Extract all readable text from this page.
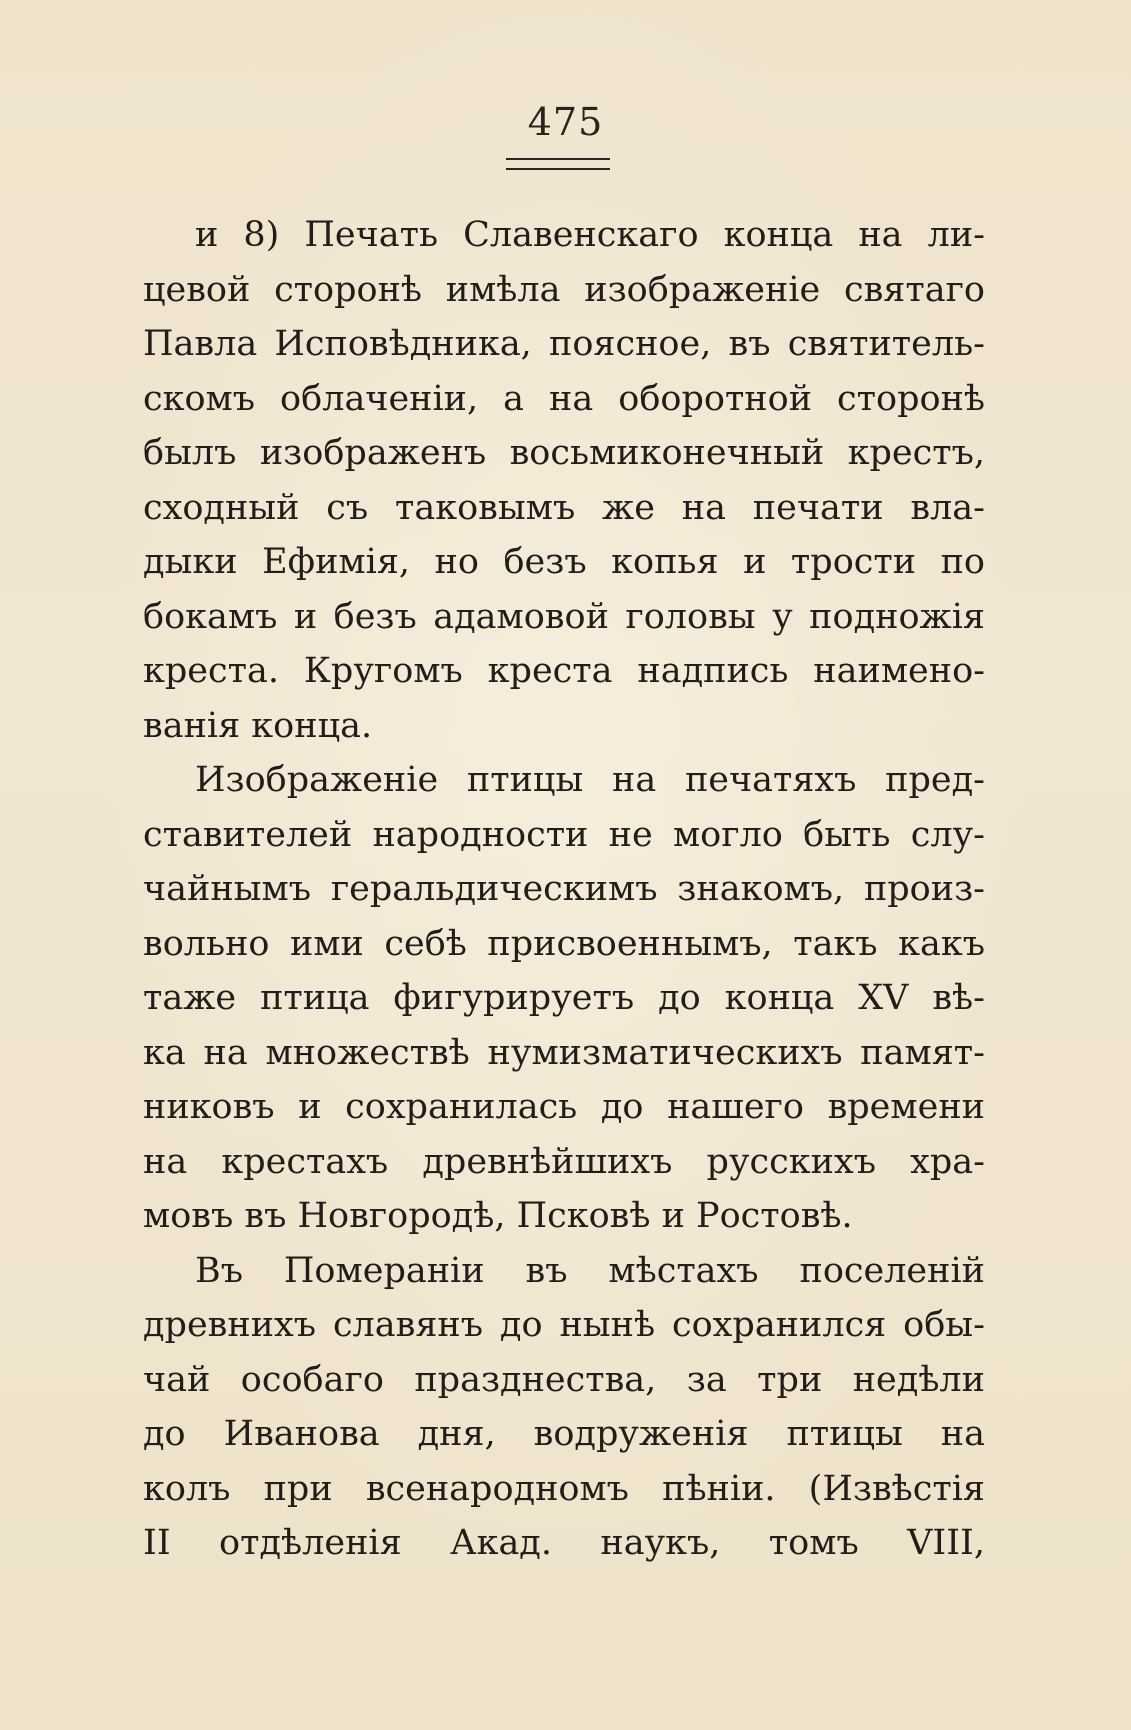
475
и 8) Печать Славенскаго конца на ли-
цевой сторонѣ имѣла изображеніе святаго
Павла Исповѣдника, поясное, въ святитель-
скомъ облаченіи, а на оборотной сторонѣ
былъ изображенъ восьмиконечный крестъ,
сходный съ таковымъ же на печати вла-
дыки Ефимія, но безъ копья и трости по
бокамъ и безъ адамовой головы у подножія
креста. Кругомъ креста надпись наимено-
ванія конца.
Изображеніе птицы на печатяхъ пред-
ставителей народности не могло быть слу-
чайнымъ геральдическимъ знакомъ, произ-
вольно ими себѣ присвоеннымъ, такъ какъ
таже птица фигурируетъ до конца XV вѣ-
ка на множествѣ нумизматическихъ памят-
никовъ и сохранилась до нашего времени
на крестахъ древнѣйшихъ русскихъ хра-
мовъ въ Новгородѣ, Псковѣ и Ростовѣ.
Въ Помераніи въ мѣстахъ поселеній
древнихъ славянъ до нынѣ сохранился обы-
чай особаго празднества, за три недѣли
до Иванова дня, водруженія птицы на
колъ при всенародномъ пѣніи. (Извѣстія
II отдѣленія Акад. наукъ, томъ VIII,
